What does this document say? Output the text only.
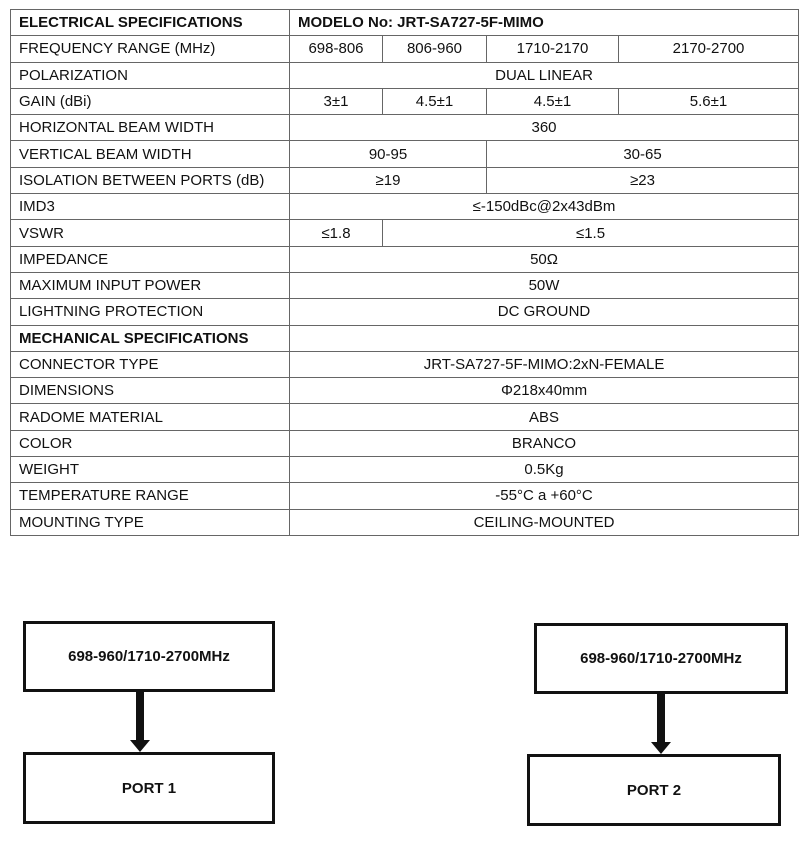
ELECTRICAL SPECIFICATIONS	MODELO No: JRT-SA727-5F-MIMO			
FREQUENCY RANGE (MHz)	698-806	806-960	1710-2170	2170-2700
POLARIZATION	DUAL LINEAR			
GAIN (dBi)	3±1	4.5±1	4.5±1	5.6±1
HORIZONTAL BEAM WIDTH	360			
VERTICAL BEAM WIDTH	90-95		30-65	
ISOLATION BETWEEN PORTS (dB)	≥19		≥23	
IMD3	≤-150dBc@2x43dBm			
VSWR	≤1.8	≤1.5		
IMPEDANCE	50Ω			
MAXIMUM INPUT POWER	50W			
LIGHTNING PROTECTION	DC GROUND			
MECHANICAL SPECIFICATIONS				
CONNECTOR TYPE	JRT-SA727-5F-MIMO:2xN-FEMALE			
DIMENSIONS	Φ218x40mm			
RADOME MATERIAL	ABS			
COLOR	BRANCO			
WEIGHT	0.5Kg			
TEMPERATURE RANGE	-55°C a +60°C			
MOUNTING TYPE	CEILING-MOUNTED			
698-960/1710-2700MHz
PORT 1
698-960/1710-2700MHz
PORT 2
